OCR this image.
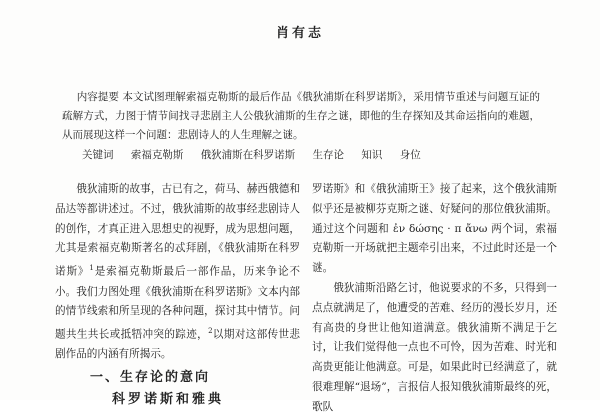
肖有志
内容提要 本文试图理解索福克勒斯的最后作品《俄狄浦斯在科罗诺斯》，采用情节重述与问题互证的疏解方式，力图于情节间找寻悲剧主人公俄狄浦斯的生存之谜，即他的生存探知及其命运指向的难题，从而展现这样一个问题：悲剧诗人的人生理解之谜。
关键词 索福克勒斯 俄狄浦斯在科罗诺斯 生存论 知识 身位

俄狄浦斯的故事，古已有之，荷马、赫西俄德和品达等都讲述过。不过，俄狄浦斯的故事经悲剧诗人的创作，才真正进入思想史的视野，成为思想问题，尤其是索福克勒斯著名的忒拜剧，《俄狄浦斯在科罗诺斯》$^1$是索福克勒斯最后一部作品，历来争论不小。我们力图处理《俄狄浦斯在科罗诺斯》文本内部的情节线索和所呈现的各种问题，探讨其中情节。问题共生共长或抵牾冲突的踪迹，$^2$以期对这部传世悲剧作品的内涵有所揭示。

罗诺斯》和《俄狄浦斯王》接了起来，这个俄狄浦斯似乎还是被柳芬克斯之谜、好疑问的那位俄狄浦斯。通过这个问题和 ἐν δώσης · π ἄνω 两个词，索福克勒斯一开场就把主题牵引出来，不过此时还是一个谜。

俄狄浦斯沿路乞讨，他说要求的不多，只得到一点点就满足了，他遭受的苦难、经历的漫长岁月，还有高贵的身世让他知道满意。俄狄浦斯不满足于乞讨，让我们觉得他一点也不可怜，因为苦难、时光和高贵更能让他满意。可是，如果此时已经满意了，就很难理解“退场”，言报信人报知俄狄浦斯最终的死，歌队

一、生存论的意向
科罗诺斯和雅典
